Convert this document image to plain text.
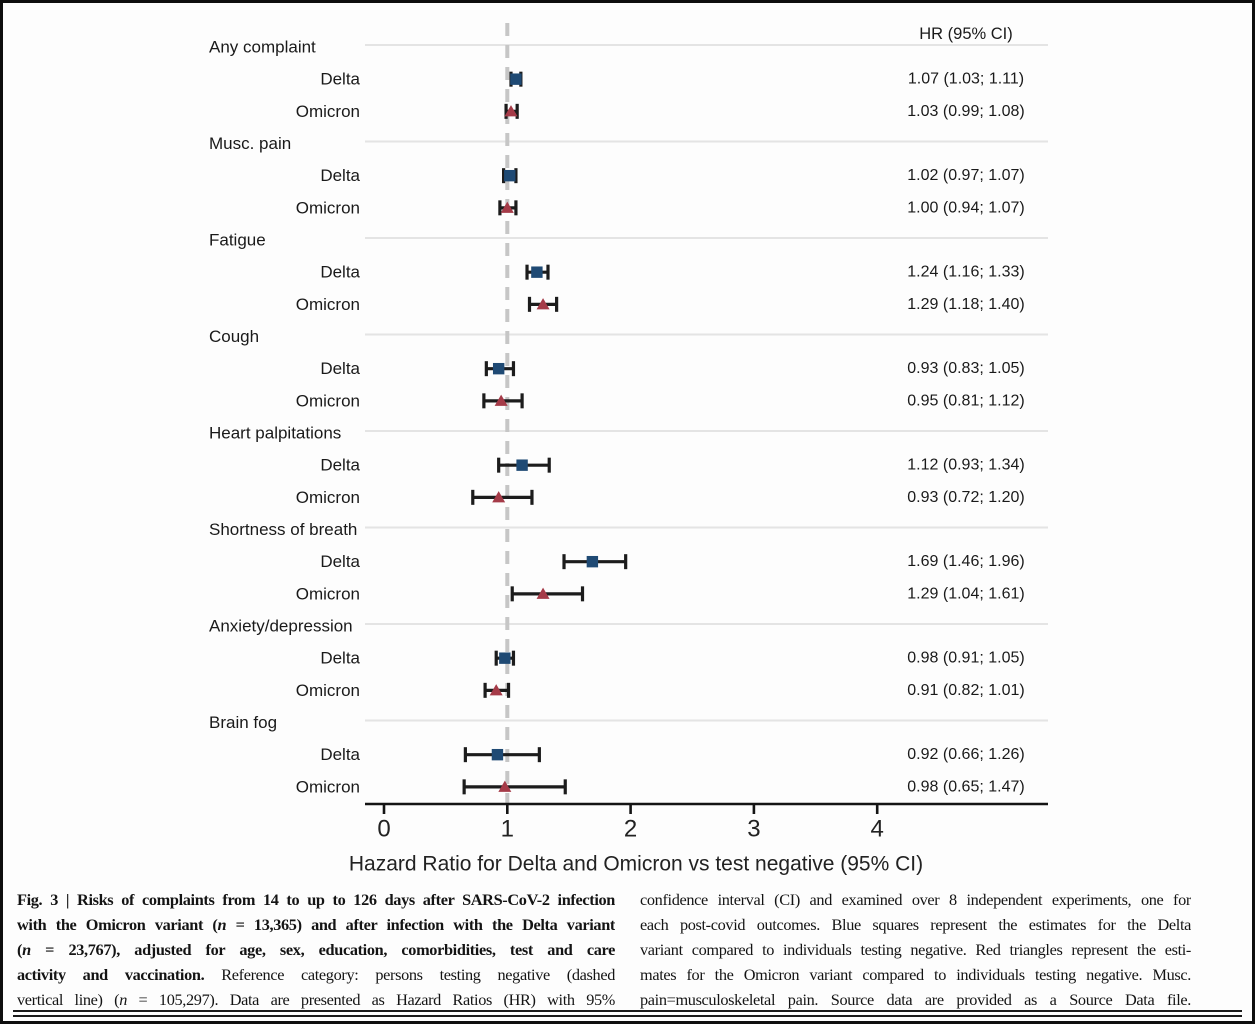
HR (95% CI)
Any complaint
Delta	1.07 (1.03; 1.11)
Omicron	1.03 (0.99; 1.08)
Musc. pain
Delta	1.02 (0.97; 1.07)
Omicron	1.00 (0.94; 1.07)
Fatigue
Delta	1.24 (1.16; 1.33)
Omicron	1.29 (1.18; 1.40)
Cough
Delta	0.93 (0.83; 1.05)
Omicron	0.95 (0.81; 1.12)
Heart palpitations
Delta	1.12 (0.93; 1.34)
Omicron	0.93 (0.72; 1.20)
Shortness of breath
Delta	1.69 (1.46; 1.96)
Omicron	1.29 (1.04; 1.61)
Anxiety/depression
Delta	0.98 (0.91; 1.05)
Omicron	0.91 (0.82; 1.01)
Brain fog
Delta	0.92 (0.66; 1.26)
Omicron	0.98 (0.65; 1.47)
0	1	2	3	4
Hazard Ratio for Delta and Omicron vs test negative (95% CI)
Fig. 3 | Risks of complaints from 14 to up to 126 days after SARS-CoV-2 infection
with the Omicron variant (n = 13,365) and after infection with the Delta variant
(n = 23,767), adjusted for age, sex, education, comorbidities, test and care
activity and vaccination. Reference category: persons testing negative (dashed
vertical line) (n = 105,297). Data are presented as Hazard Ratios (HR) with 95%
confidence interval (CI) and examined over 8 independent experiments, one for
each post-covid outcomes. Blue squares represent the estimates for the Delta
variant compared to individuals testing negative. Red triangles represent the esti-
mates for the Omicron variant compared to individuals testing negative. Musc.
pain=musculoskeletal pain. Source data are provided as a Source Data file.
